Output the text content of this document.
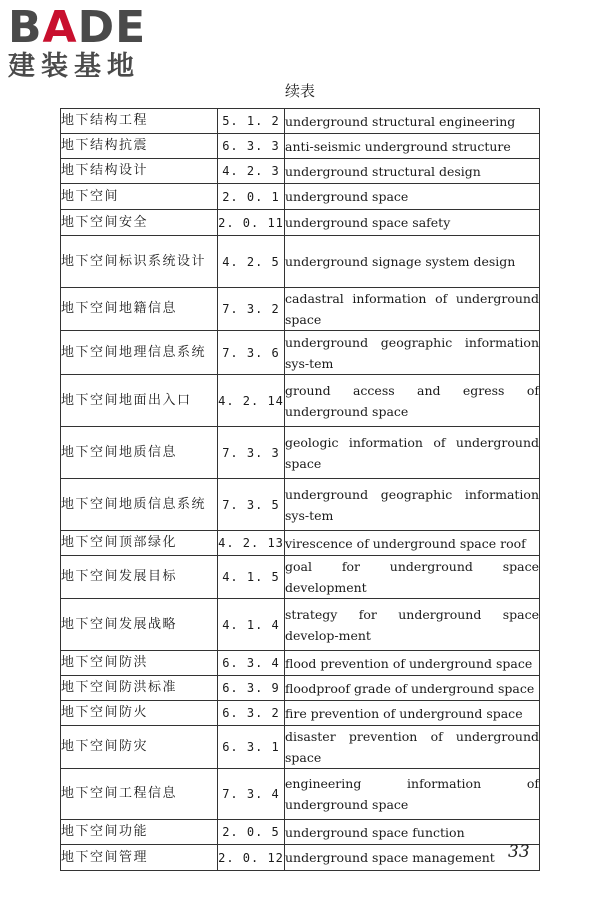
BADE
建装基地
续表
地下结构工程	5. 1. 2	underground structural engineering
地下结构抗震	6. 3. 3	anti-seismic underground structure
地下结构设计	4. 2. 3	underground structural design
地下空间	2. 0. 1	underground space
地下空间安全	2. 0. 11	underground space safety
地下空间标识系统设计	4. 2. 5	underground signage system design
地下空间地籍信息	7. 3. 2	cadastral information of underground space
地下空间地理信息系统	7. 3. 6	underground geographic information sys-tem
地下空间地面出入口	4. 2. 14	ground access and egress of underground space
地下空间地质信息	7. 3. 3	geologic information of underground space
地下空间地质信息系统	7. 3. 5	underground geographic information sys-tem
地下空间顶部绿化	4. 2. 13	virescence of underground space roof
地下空间发展目标	4. 1. 5	goal for underground space development
地下空间发展战略	4. 1. 4	strategy for underground space develop-ment
地下空间防洪	6. 3. 4	flood prevention of underground space
地下空间防洪标准	6. 3. 9	floodproof grade of underground space
地下空间防火	6. 3. 2	fire prevention of underground space
地下空间防灾	6. 3. 1	disaster prevention of underground space
地下空间工程信息	7. 3. 4	engineering information of underground space
地下空间功能	2. 0. 5	underground space function
地下空间管理	2. 0. 12	underground space management 33
